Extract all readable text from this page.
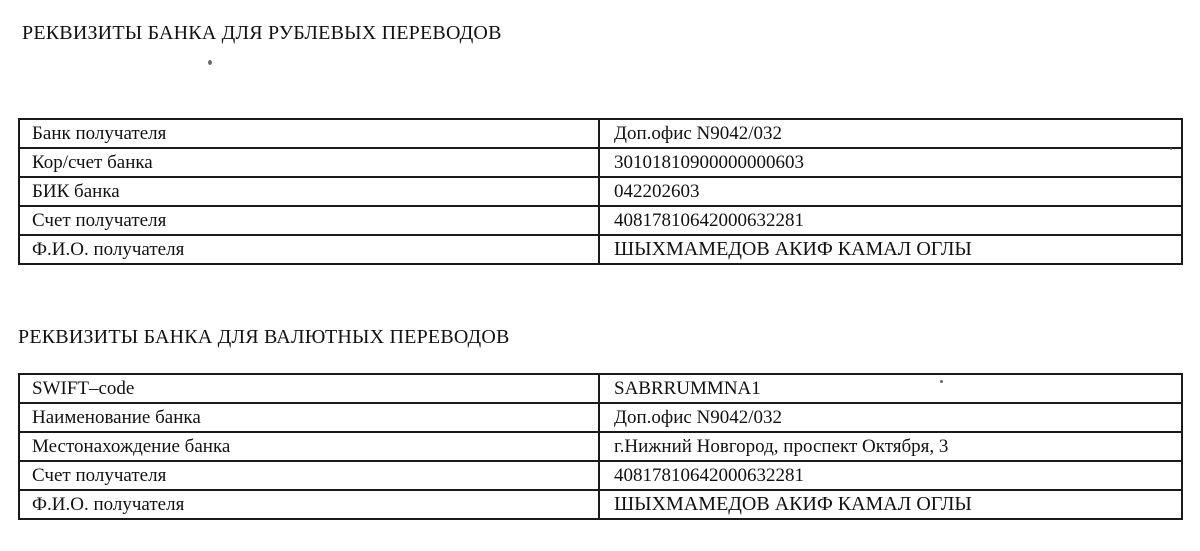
РЕКВИЗИТЫ БАНКА ДЛЯ РУБЛЕВЫХ ПЕРЕВОДОВ
Банк получателя	Доп.офис N9042/032
Кор/счет банка	30101810900000000603
БИК банка	042202603
Счет получателя	40817810642000632281
Ф.И.О. получателя	ШЫХМАМЕДОВ АКИФ КАМАЛ ОГЛЫ
РЕКВИЗИТЫ БАНКА ДЛЯ ВАЛЮТНЫХ ПЕРЕВОДОВ
SWIFT–code	SABRRUMMNA1
Наименование банка	Доп.офис N9042/032
Местонахождение банка	г.Нижний Новгород, проспект Октября, 3
Счет получателя	40817810642000632281
Ф.И.О. получателя	ШЫХМАМЕДОВ АКИФ КАМАЛ ОГЛЫ
